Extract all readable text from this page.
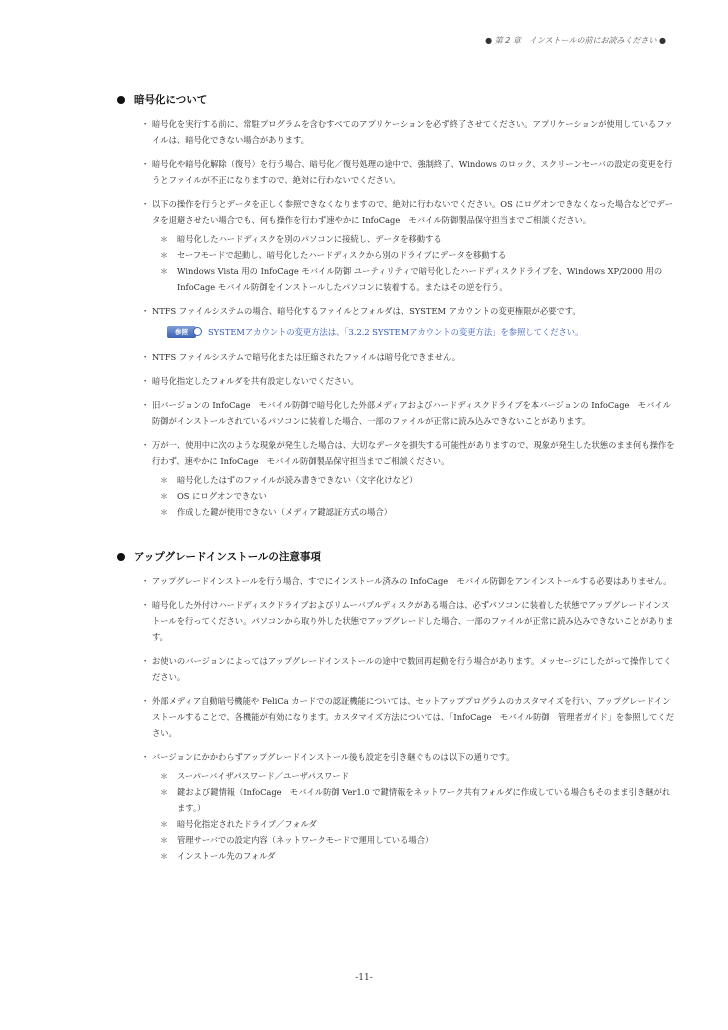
● 第 2 章　インストールの前にお読みください ●
暗号化について
・ 暗号化を実行する前に、常駐プログラムを含むすべてのアプリケーションを必ず終了させてください。アプリケーションが使用しているファイルは、暗号化できない場合があります。
・ 暗号化や暗号化解除（復号）を行う場合、暗号化／復号処理の途中で、強制終了、Windows のロック、スクリーンセーバの設定の変更を行うとファイルが不正になりますので、絶対に行わないでください。
・ 以下の操作を行うとデータを正しく参照できなくなりますので、絶対に行わないでください。OS にログオンできなくなった場合などでデータを退避させたい場合でも、何も操作を行わず速やかに InfoCage　モバイル防御製品保守担当までご相談ください。
＊ 暗号化したハードディスクを別のパソコンに接続し、データを移動する
＊ セーフモードで起動し、暗号化したハードディスクから別のドライブにデータを移動する
＊ Windows Vista 用の InfoCage モバイル防御 ユーティリティで暗号化したハードディスクドライブを、Windows XP/2000 用の InfoCage モバイル防御をインストールしたパソコンに装着する。またはその逆を行う。
・ NTFS ファイルシステムの場合、暗号化するファイルとフォルダは、SYSTEM アカウントの変更権限が必要です。
参照 SYSTEMアカウントの変更方法は、「3.2.2 SYSTEMアカウントの変更方法」を参照してください。
・ NTFS ファイルシステムで暗号化または圧縮されたファイルは暗号化できません。
・ 暗号化指定したフォルダを共有設定しないでください。
・ 旧バージョンの InfoCage　モバイル防御で暗号化した外部メディアおよびハードディスクドライブを本バージョンの InfoCage　モバイル防御がインストールされているパソコンに装着した場合、一部のファイルが正常に読み込みできないことがあります。
・ 万が一、使用中に次のような現象が発生した場合は、大切なデータを損失する可能性がありますので、現象が発生した状態のまま何も操作を行わず、速やかに InfoCage　モバイル防御製品保守担当までご相談ください。
＊ 暗号化したはずのファイルが読み書きできない（文字化けなど）
＊ OS にログオンできない
＊ 作成した鍵が使用できない（メディア鍵認証方式の場合）
アップグレードインストールの注意事項
・ アップグレードインストールを行う場合、すでにインストール済みの InfoCage　モバイル防御をアンインストールする必要はありません。
・ 暗号化した外付けハードディスクドライブおよびリムーバブルディスクがある場合は、必ずパソコンに装着した状態でアップグレードインストールを行ってください。パソコンから取り外した状態でアップグレードした場合、一部のファイルが正常に読み込みできないことがあります。
・ お使いのバージョンによってはアップグレードインストールの途中で数回再起動を行う場合があります。メッセージにしたがって操作してください。
・ 外部メディア自動暗号機能や FeliCa カードでの認証機能については、セットアッププログラムのカスタマイズを行い、アップグレードインストールすることで、各機能が有効になります。カスタマイズ方法については、「InfoCage　モバイル防御　管理者ガイド」を参照してください。
・ バージョンにかかわらずアップグレードインストール後も設定を引き継ぐものは以下の通りです。
＊ スーパーバイザパスワード／ユーザパスワード
＊ 鍵および鍵情報（InfoCage　モバイル防御 Ver1.0 で鍵情報をネットワーク共有フォルダに作成している場合もそのまま引き継がれます。）
＊ 暗号化指定されたドライブ／フォルダ
＊ 管理サーバでの設定内容（ネットワークモードで運用している場合）
＊ インストール先のフォルダ
-11-
